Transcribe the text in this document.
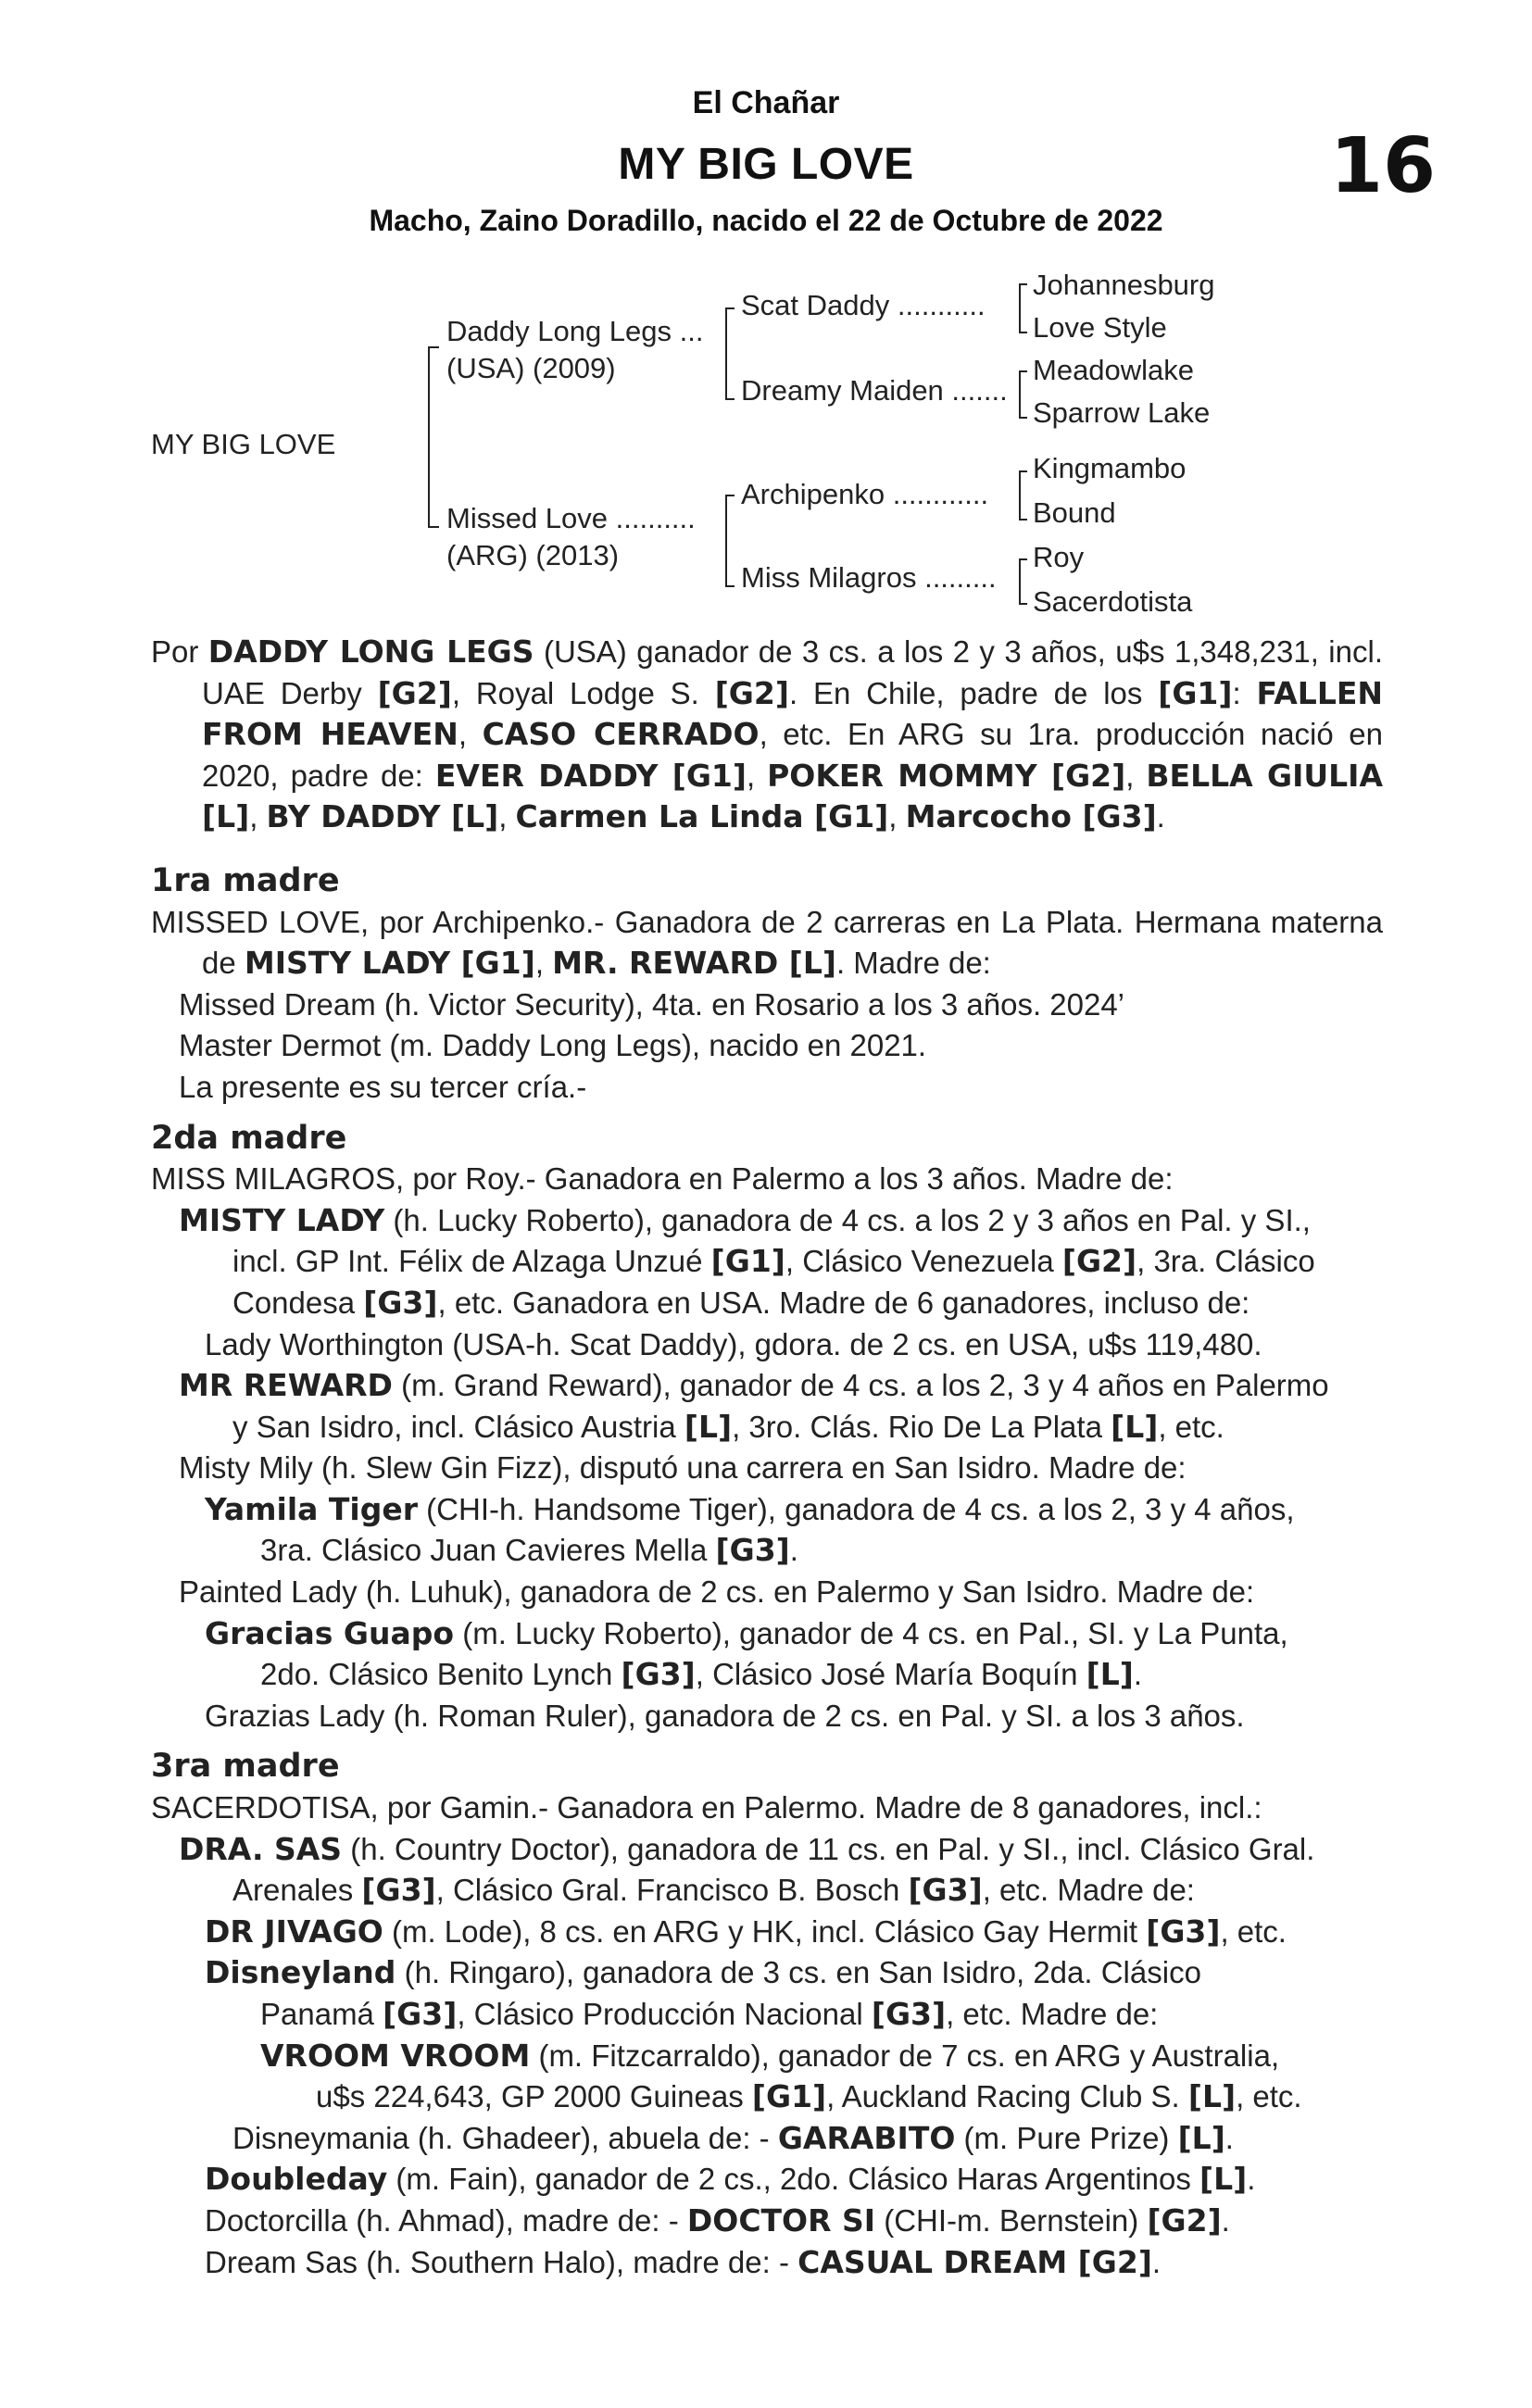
El Chañar
MY BIG LOVE
Macho, Zaino Doradillo, nacido el 22 de Octubre de 2022
16
MY BIG LOVE
Daddy Long Legs ...
(USA) (2009)
Missed Love ..........
(ARG) (2013)
Scat Daddy ...........
Dreamy Maiden .......
Archipenko ............
Miss Milagros .........
Johannesburg
Love Style
Meadowlake
Sparrow Lake
Kingmambo
Bound
Roy
Sacerdotista

Por DADDY LONG LEGS (USA) ganador de 3 cs. a los 2 y 3 años, u$s 1,348,231, incl. UAE Derby [G2], Royal Lodge S. [G2]. En Chile, padre de los [G1]: FALLEN FROM HEAVEN, CASO CERRADO, etc. En ARG su 1ra. producción nació en 2020, padre de: EVER DADDY [G1], POKER MOMMY [G2], BELLA GIULIA [L], BY DADDY [L], Carmen La Linda [G1], Marcocho [G3].

1ra madre

MISSED LOVE, por Archipenko.- Ganadora de 2 carreras en La Plata. Hermana materna de MISTY LADY [G1], MR. REWARD [L]. Madre de:

Missed Dream (h. Victor Security), 4ta. en Rosario a los 3 años. 2024’

Master Dermot (m. Daddy Long Legs), nacido en 2021.

La presente es su tercer cría.-

2da madre

MISS MILAGROS, por Roy.- Ganadora en Palermo a los 3 años. Madre de:

MISTY LADY (h. Lucky Roberto), ganadora de 4 cs. a los 2 y 3 años en Pal. y SI.,

incl. GP Int. Félix de Alzaga Unzué [G1], Clásico Venezuela [G2], 3ra. Clásico

Condesa [G3], etc. Ganadora en USA. Madre de 6 ganadores, incluso de:

Lady Worthington (USA-h. Scat Daddy), gdora. de 2 cs. en USA, u$s 119,480.

MR REWARD (m. Grand Reward), ganador de 4 cs. a los 2, 3 y 4 años en Palermo

y San Isidro, incl. Clásico Austria [L], 3ro. Clás. Rio De La Plata [L], etc.

Misty Mily (h. Slew Gin Fizz), disputó una carrera en San Isidro. Madre de:

Yamila Tiger (CHI-h. Handsome Tiger), ganadora de 4 cs. a los 2, 3 y 4 años,

3ra. Clásico Juan Cavieres Mella [G3].

Painted Lady (h. Luhuk), ganadora de 2 cs. en Palermo y San Isidro. Madre de:

Gracias Guapo (m. Lucky Roberto), ganador de 4 cs. en Pal., SI. y La Punta,

2do. Clásico Benito Lynch [G3], Clásico José María Boquín [L].

Grazias Lady (h. Roman Ruler), ganadora de 2 cs. en Pal. y SI. a los 3 años.

3ra madre

SACERDOTISA, por Gamin.- Ganadora en Palermo. Madre de 8 ganadores, incl.:

DRA. SAS (h. Country Doctor), ganadora de 11 cs. en Pal. y SI., incl. Clásico Gral.

Arenales [G3], Clásico Gral. Francisco B. Bosch [G3], etc. Madre de:

DR JIVAGO (m. Lode), 8 cs. en ARG y HK, incl. Clásico Gay Hermit [G3], etc.

Disneyland (h. Ringaro), ganadora de 3 cs. en San Isidro, 2da. Clásico

Panamá [G3], Clásico Producción Nacional [G3], etc. Madre de:

VROOM VROOM (m. Fitzcarraldo), ganador de 7 cs. en ARG y Australia,

u$s 224,643, GP 2000 Guineas [G1], Auckland Racing Club S. [L], etc.

Disneymania (h. Ghadeer), abuela de: - GARABITO (m. Pure Prize) [L].

Doubleday (m. Fain), ganador de 2 cs., 2do. Clásico Haras Argentinos [L].

Doctorcilla (h. Ahmad), madre de: - DOCTOR SI (CHI-m. Bernstein) [G2].

Dream Sas (h. Southern Halo), madre de: - CASUAL DREAM [G2].
